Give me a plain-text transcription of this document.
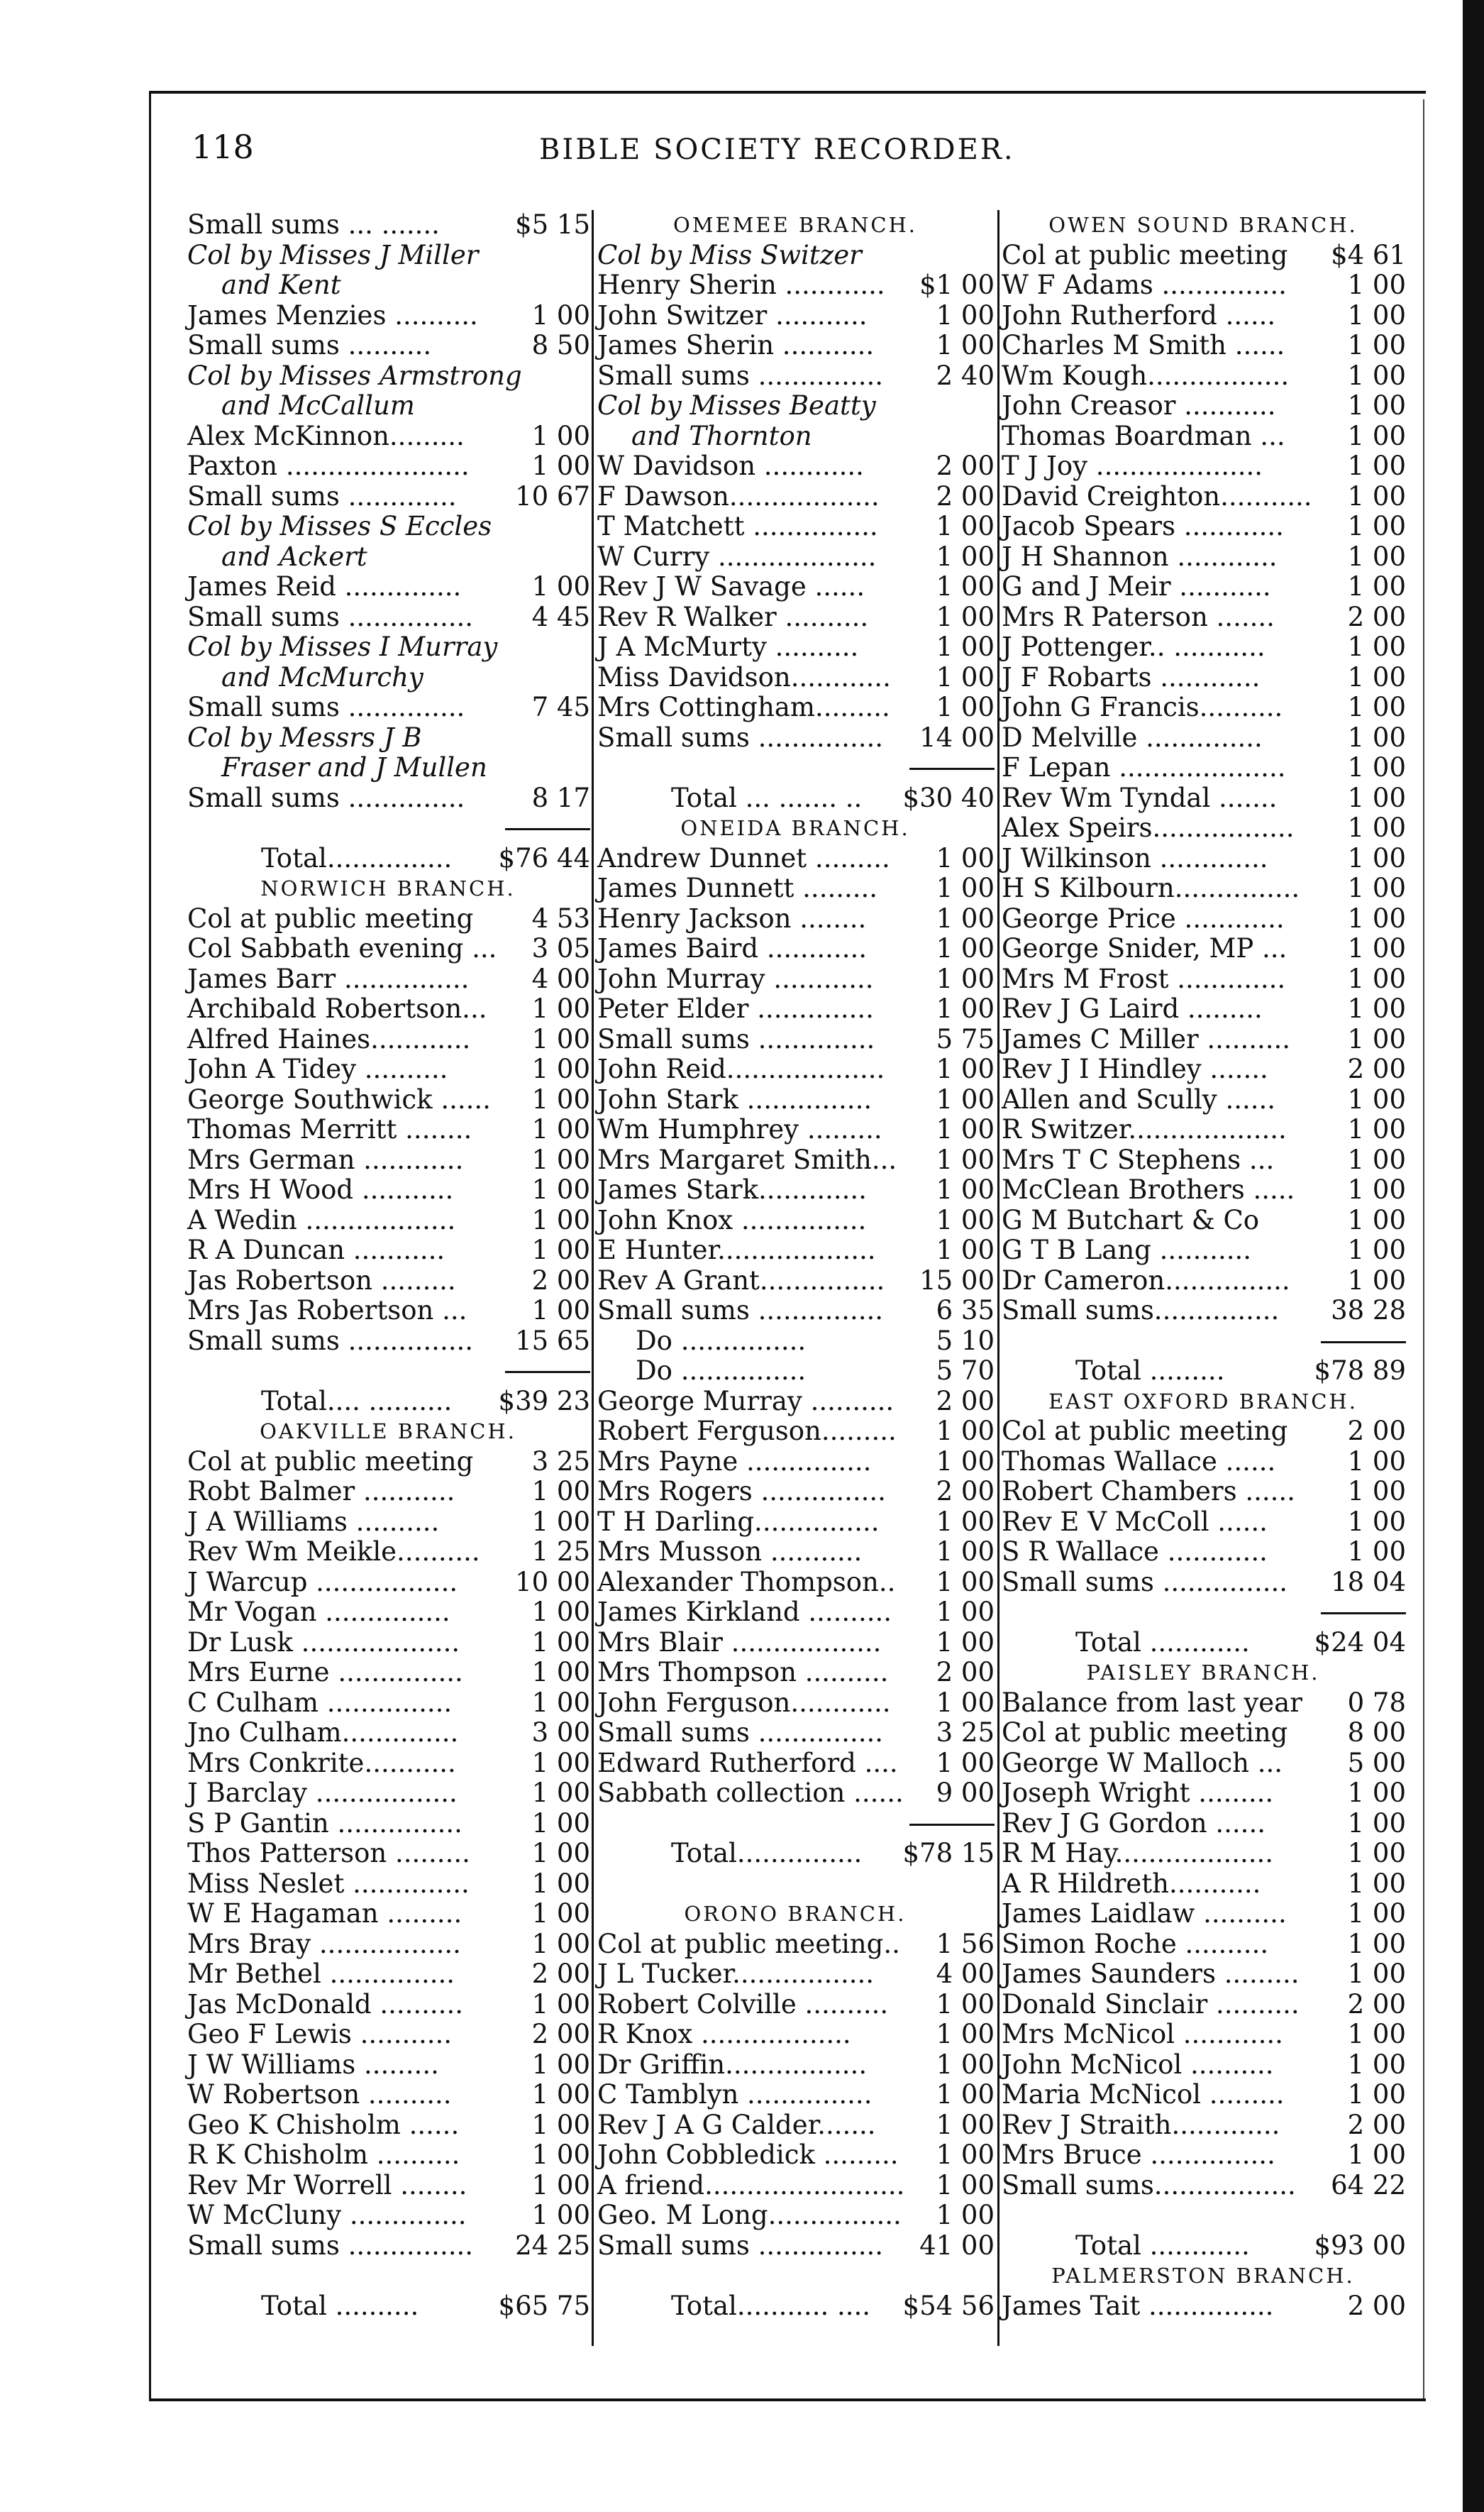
118	BIBLE SOCIETY RECORDER.
Small sums ... .......	$5 15
Col by Misses J Miller
and Kent
James Menzies .......... 1 00
Small sums ..........	8 50
Col by Misses Armstrong
and McCallum
Alex McKinnon.........	1 00
Paxton ...................... 1 00
Small sums ............. 10 67
Col by Misses S Eccles
and Ackert
James Reid ..............	1 00
Small sums ............... 4 45
Col by Misses I Murray
and McMurchy
Small sums ..............	7 45
Col by Messrs J B
Fraser and J Mullen
Small sums ..............	8 17
Total............... $76 44
NORWICH BRANCH.
Col at public meeting 4 53
Col Sabbath evening ... 3 05
James Barr ............... 4 00
Archibald Robertson... 1 00
Alfred Haines............ 1 00
John A Tidey ..........	1 00
George Southwick ...... 1 00
Thomas Merritt ........ 1 00
Mrs German ............	1 00
Mrs H Wood ...........	1 00
A Wedin ..................	1 00
R A Duncan ...........	1 00
Jas Robertson .........	2 00
Mrs Jas Robertson ... 1 00
Small sums ............... 15 65
Total.... .......... $39 23
OAKVILLE BRANCH.
Col at public meeting 3 25
Robt Balmer ...........	1 00
J A Williams ..........	1 00
Rev Wm Meikle.......... 1 25
J Warcup ................. 10 00
Mr Vogan ...............	1 00
Dr Lusk ...................	1 00
Mrs Eurne ...............	1 00
C Culham ...............	1 00
Jno Culham..............	3 00
Mrs Conkrite...........	1 00
J Barclay .................	1 00
S P Gantin ...............	1 00
Thos Patterson ......... 1 00
Miss Neslet .............. 1 00
W E Hagaman .........	1 00
Mrs Bray .................	1 00
Mr Bethel ...............	2 00
Jas McDonald ..........	1 00
Geo F Lewis ...........	2 00
J W Williams .........	1 00
W Robertson ..........	1 00
Geo K Chisholm ......	1 00
R K Chisholm ..........	1 00
Rev Mr Worrell ........ 1 00
W McCluny .............. 1 00
Small sums ............... 24 25
Total ..........	$65 75
OMEMEE BRANCH.
Col by Miss Switzer
Henry Sherin ............ $1 00
John Switzer ...........	1 00
James Sherin ........... 1 00
Small sums ............... 2 40
Col by Misses Beatty
and Thornton
W Davidson ............	2 00
F Dawson.................. 2 00
T Matchett ............... 1 00
W Curry ................... 1 00
Rev J W Savage ......	1 00
Rev R Walker ..........	1 00
J A McMurty ..........	1 00
Miss Davidson............ 1 00
Mrs Cottingham......... 1 00
Small sums ............... 14 00
Total ... ....... .. $30 40
ONEIDA BRANCH.
Andrew Dunnet ......... 1 00
James Dunnett ......... 1 00
Henry Jackson ........	1 00
James Baird ............	1 00
John Murray ............ 1 00
Peter Elder .............. 1 00
Small sums .............. 5 75
John Reid................... 1 00
John Stark ............... 1 00
Wm Humphrey ......... 1 00
Mrs Margaret Smith... 1 00
James Stark.............	1 00
John Knox ...............	1 00
E Hunter................... 1 00
Rev A Grant............... 15 00
Small sums ............... 6 35
Do ...............	5 10
Do ...............	5 70
George Murray .......... 2 00
Robert Ferguson......... 1 00
Mrs Payne ............... 1 00
Mrs Rogers ............... 2 00
T H Darling............... 1 00
Mrs Musson ...........	1 00
Alexander Thompson.. 1 00
James Kirkland .......... 1 00
Mrs Blair .................. 1 00
Mrs Thompson .......... 2 00
John Ferguson............ 1 00
Small sums ............... 3 25
Edward Rutherford .... 1 00
Sabbath collection ...... 9 00
Total............... $78 15
ORONO BRANCH.
Col at public meeting.. 1 56
J L Tucker................. 4 00
Robert Colville .......... 1 00
R Knox ..................	1 00
Dr Griffin.................	1 00
C Tamblyn ............... 1 00
Rev J A G Calder....... 1 00
John Cobbledick ......... 1 00
A friend........................ 1 00
Geo. M Long................ 1 00
Small sums ............... 41 00
Total........... .... $54 56
OWEN SOUND BRANCH.
Col at public meeting $4 61
W F Adams ............... 1 00
John Rutherford ......	1 00
Charles M Smith ...... 1 00
Wm Kough................. 1 00
John Creasor ...........	1 00
Thomas Boardman ... 1 00
T J Joy ....................	1 00
David Creighton........... 1 00
Jacob Spears ............ 1 00
J H Shannon ............	1 00
G and J Meir ...........	1 00
Mrs R Paterson .......	2 00
J Pottenger.. ...........	1 00
J F Robarts ............	1 00
John G Francis.......... 1 00
D Melville ..............	1 00
F Lepan .................... 1 00
Rev Wm Tyndal .......	1 00
Alex Speirs................. 1 00
J Wilkinson .............	1 00
H S Kilbourn............... 1 00
George Price ............ 1 00
George Snider, MP ... 1 00
Mrs M Frost ............. 1 00
Rev J G Laird .........	1 00
James C Miller .......... 1 00
Rev J I Hindley .......	2 00
Allen and Scully ......	1 00
R Switzer................... 1 00
Mrs T C Stephens ...	1 00
McClean Brothers ..... 1 00
G M Butchart & Co	1 00
G T B Lang ...........	1 00
Dr Cameron............... 1 00
Small sums............... 38 28
Total .........	$78 89
EAST OXFORD BRANCH.
Col at public meeting 2 00
Thomas Wallace ......	1 00
Robert Chambers ...... 1 00
Rev E V McColl ......	1 00
S R Wallace ............	1 00
Small sums ............... 18 04
Total ............ $24 04
PAISLEY BRANCH.
Balance from last year 0 78
Col at public meeting 8 00
George W Malloch ... 5 00
Joseph Wright .........	1 00
Rev J G Gordon ......	1 00
R M Hay...................	1 00
A R Hildreth...........	1 00
James Laidlaw .......... 1 00
Simon Roche ..........	1 00
James Saunders ......... 1 00
Donald Sinclair .......... 2 00
Mrs McNicol ............ 1 00
John McNicol ..........	1 00
Maria McNicol ......... 1 00
Rev J Straith.............	2 00
Mrs Bruce ...............	1 00
Small sums................. 64 22
Total ............ $93 00
PALMERSTON BRANCH.
James Tait ...............	2 00
